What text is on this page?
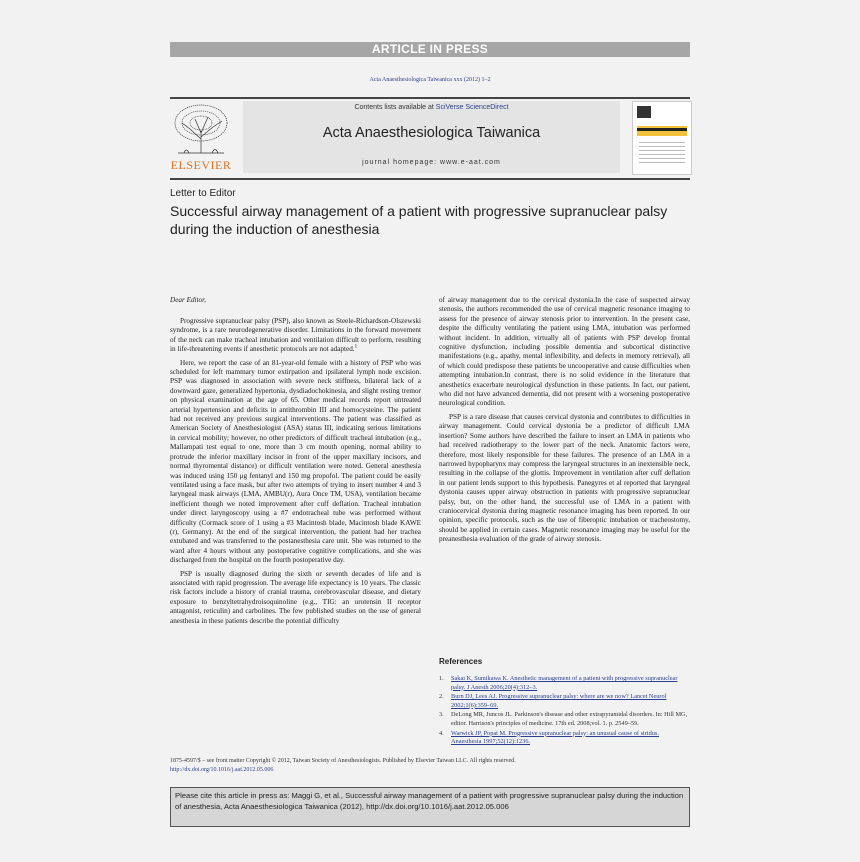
ARTICLE IN PRESS
Acta Anaesthesiologica Taiwanica xxx (2012) 1–2
ELSEVIER
Contents lists available at SciVerse ScienceDirect
Acta Anaesthesiologica Taiwanica
journal homepage: www.e-aat.com
Letter to Editor
Successful airway management of a patient with progressive supranuclear palsy during the induction of anesthesia
Dear Editor,

Progressive supranuclear palsy (PSP), also known as Steele-Richardson-Olszewski syndrome, is a rare neurodegenerative disorder. Limitations in the forward movement of the neck can make tracheal intubation and ventilation difficult to perform, resulting in life-threatening events if anesthetic protocols are not adapted.$^1$

Here, we report the case of an 81-year-old female with a history of PSP who was scheduled for left mammary tumor extirpation and ipsilateral lymph node excision. PSP was diagnosed in association with severe neck stiffness, bilateral lack of a downward gaze, generalized hypertonia, dysdiadochokinesia, and slight resting tremor on physical examination at the age of 65. Other medical records report untreated arterial hypertension and deficits in antithrombin III and homocysteine. The patient had not received any previous surgical interventions. The patient was classified as American Society of Anesthesiologist (ASA) status III, indicating serious limitations in cervical mobility; however, no other predictors of difficult tracheal intubation (e.g., Mallampati test equal to one, more than 3 cm mouth opening, normal ability to protrude the inferior maxillary incisor in front of the upper maxillary incisors, and normal thyromental distance) or difficult ventilation were noted. General anesthesia was induced using 150 μg fentanyl and 150 mg propofol. The patient could be easily ventilated using a face mask, but after two attempts of trying to insert number 4 and 3 laryngeal mask airways (LMA, AMBU(r), Aura Once TM, USA), ventilation became inefficient though we noted improvement after cuff deflation. Tracheal intubation under direct laryngoscopy using a #7 endotracheal tube was performed without difficulty (Cormack score of 1 using a #3 Macintosh blade, Macintosh blade KAWE (r), Germany). At the end of the surgical intervention, the patient had her trachea extubated and was transferred to the postanesthesia care unit. She was returned to the ward after 4 hours without any postoperative cognitive complications, and she was discharged from the hospital on the fourth postoperative day.

PSP is usually diagnosed during the sixth or seventh decades of life and is associated with rapid progression. The average life expectancy is 10 years. The classic risk factors include a history of cranial trauma, cerebrovascular disease, and dietary exposure to benzyltetrahydroisoquinoline (e.g., TIG: an urotensin II receptor antagonist, reticulin) and carbolines. The few published studies on the use of general anesthesia in these patients describe the potential difficulty

of airway management due to the cervical dystonia.In the case of suspected airway stenosis, the authors recommended the use of cervical magnetic resonance imaging to assess for the presence of airway stenosis prior to intervention. In the present case, despite the difficulty ventilating the patient using LMA, intubation was performed without incident. In addition, virtually all of patients with PSP develop frontal cognitive dysfunction, including possible dementia and subcortical distinctive manifestations (e.g., apathy, mental inflexibility, and defects in memory retrieval), all of which could predispose these patients be uncooperative and cause difficulties when attempting intubation.In contrast, there is no solid evidence in the literature that anesthetics exacerbate neurological dysfunction in these patients. In fact, our patient, who did not have advanced dementia, did not present with a worsening postoperative neurological condition.

PSP is a rare disease that causes cervical dystonia and contributes to difficulties in airway management. Could cervical dystonia be a predictor of difficult LMA insertion? Some authors have described the failure to insert an LMA in patients who had received radiotherapy to the lower part of the neck. Anatomic factors were, therefore, most likely responsible for these failures. The presence of an LMA in a narrowed hypopharynx may compress the laryngeal structures in an inextensible neck, resulting in the collapse of the glottis. Improvement in ventilation after cuff deflation in our patient lends support to this hypothesis. Panegyres et al reported that laryngeal dystonia causes upper airway obstruction in patients with progressive supranuclear palsy, but, on the other hand, the successful use of LMA in a patient with craniocervical dystonia during magnetic resonance imaging has been reported. In our opinion, specific protocols, such as the use of fiberoptic intubation or tracheostomy, should be applied in certain cases. Magnetic resonance imaging may be useful for the preanesthesia evaluation of the grade of airway stenosis.

References
1. Sakai K, Sumikawa K. Anesthetic management of a patient with progressive supranuclear palsy. J Anesth 2006;20(4):312–3.
2. Burn DJ, Lees AJ. Progressive supranuclear palsy: where are we now? Lancet Neurol 2002;1(6):359–69.
3. DeLong MR, Juncos JL. Parkinson's disease and other extrapyramidal disorders. In: Hill MG, editor. Harrison's principles of medicine. 17th ed. 2008;vol. 1. p. 2549–59.
4. Warwick JP, Popat M. Progressive supranuclear palsy: an unusual cause of stridus. Anaesthesia 1997;52(12):1236.
1875-4597/$ – see front matter Copyright © 2012, Taiwan Society of Anesthesiologists. Published by Elsevier Taiwan LLC. All rights reserved.
http://dx.doi.org/10.1016/j.aat.2012.05.006
Please cite this article in press as: Maggi G, et al., Successful airway management of a patient with progressive supranuclear palsy during the induction of anesthesia, Acta Anaesthesiologica Taiwanica (2012), http://dx.doi.org/10.1016/j.aat.2012.05.006
